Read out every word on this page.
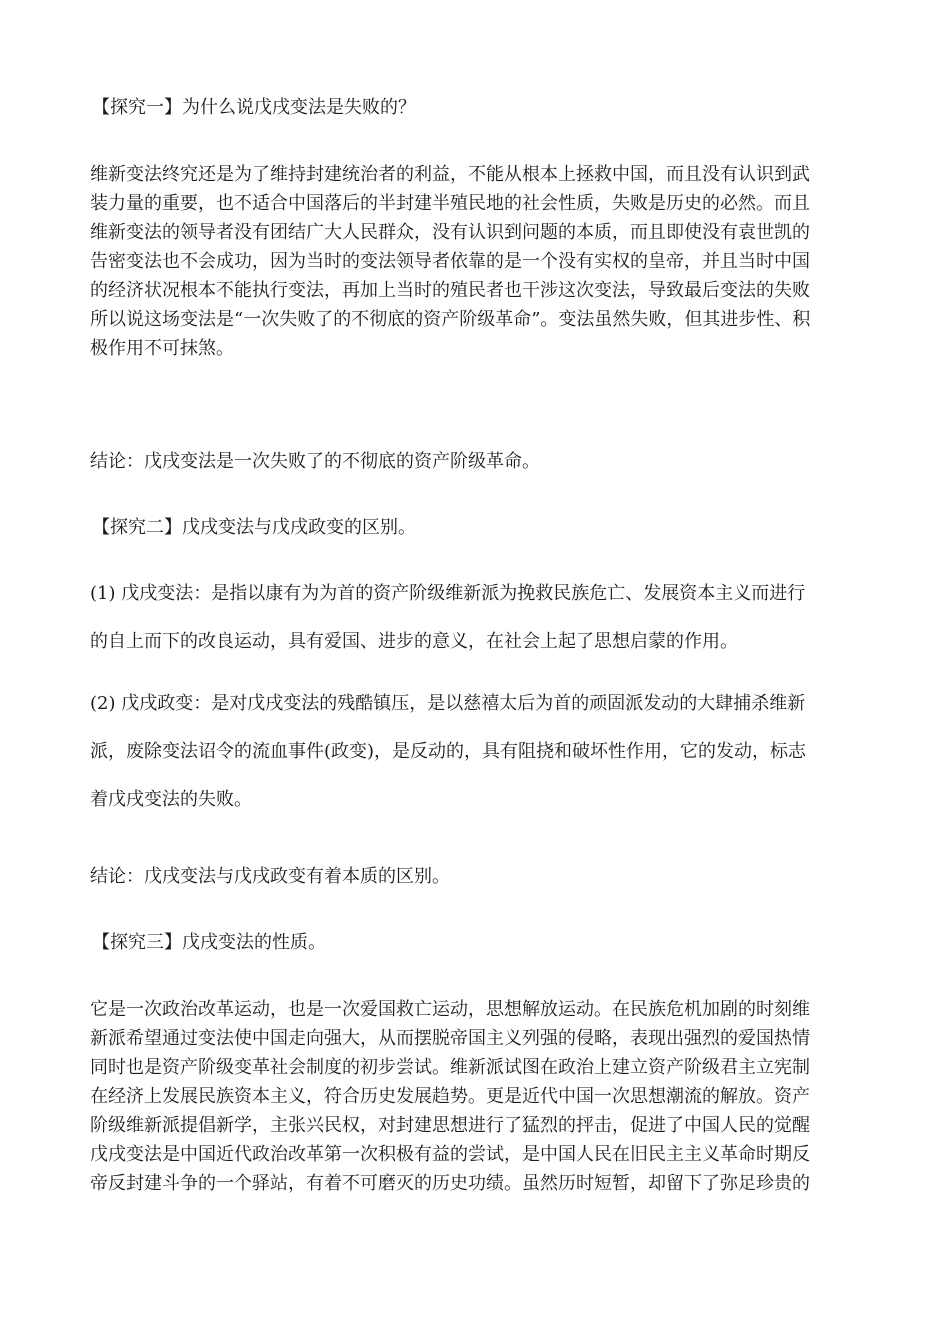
【探究一】为什么说戊戌变法是失败的？
维新变法终究还是为了维持封建统治者的利益，不能从根本上拯救中国，而且没有认识到武
装力量的重要，也不适合中国落后的半封建半殖民地的社会性质，失败是历史的必然。而且
维新变法的领导者没有团结广大人民群众，没有认识到问题的本质，而且即使没有袁世凯的
告密变法也不会成功，因为当时的变法领导者依靠的是一个没有实权的皇帝，并且当时中国
的经济状况根本不能执行变法，再加上当时的殖民者也干涉这次变法，导致最后变法的失败
所以说这场变法是“一次失败了的不彻底的资产阶级革命”。变法虽然失败，但其进步性、积
极作用不可抹煞。
结论：戊戌变法是一次失败了的不彻底的资产阶级革命。
【探究二】戊戌变法与戊戌政变的区别。
(1) 戊戌变法：是指以康有为为首的资产阶级维新派为挽救民族危亡、发展资本主义而进行
的自上而下的改良运动，具有爱国、进步的意义，在社会上起了思想启蒙的作用。
(2) 戊戌政变：是对戊戌变法的残酷镇压，是以慈禧太后为首的顽固派发动的大肆捕杀维新
派，废除变法诏令的流血事件(政变)，是反动的，具有阻挠和破坏性作用，它的发动，标志
着戊戌变法的失败。
结论：戊戌变法与戊戌政变有着本质的区别。
【探究三】戊戌变法的性质。
它是一次政治改革运动，也是一次爱国救亡运动，思想解放运动。在民族危机加剧的时刻维
新派希望通过变法使中国走向强大，从而摆脱帝国主义列强的侵略，表现出强烈的爱国热情
同时也是资产阶级变革社会制度的初步尝试。维新派试图在政治上建立资产阶级君主立宪制
在经济上发展民族资本主义，符合历史发展趋势。更是近代中国一次思想潮流的解放。资产
阶级维新派提倡新学，主张兴民权，对封建思想进行了猛烈的抨击，促进了中国人民的觉醒
戊戌变法是中国近代政治改革第一次积极有益的尝试，是中国人民在旧民主主义革命时期反
帝反封建斗争的一个驿站，有着不可磨灭的历史功绩。虽然历时短暂，却留下了弥足珍贵的
